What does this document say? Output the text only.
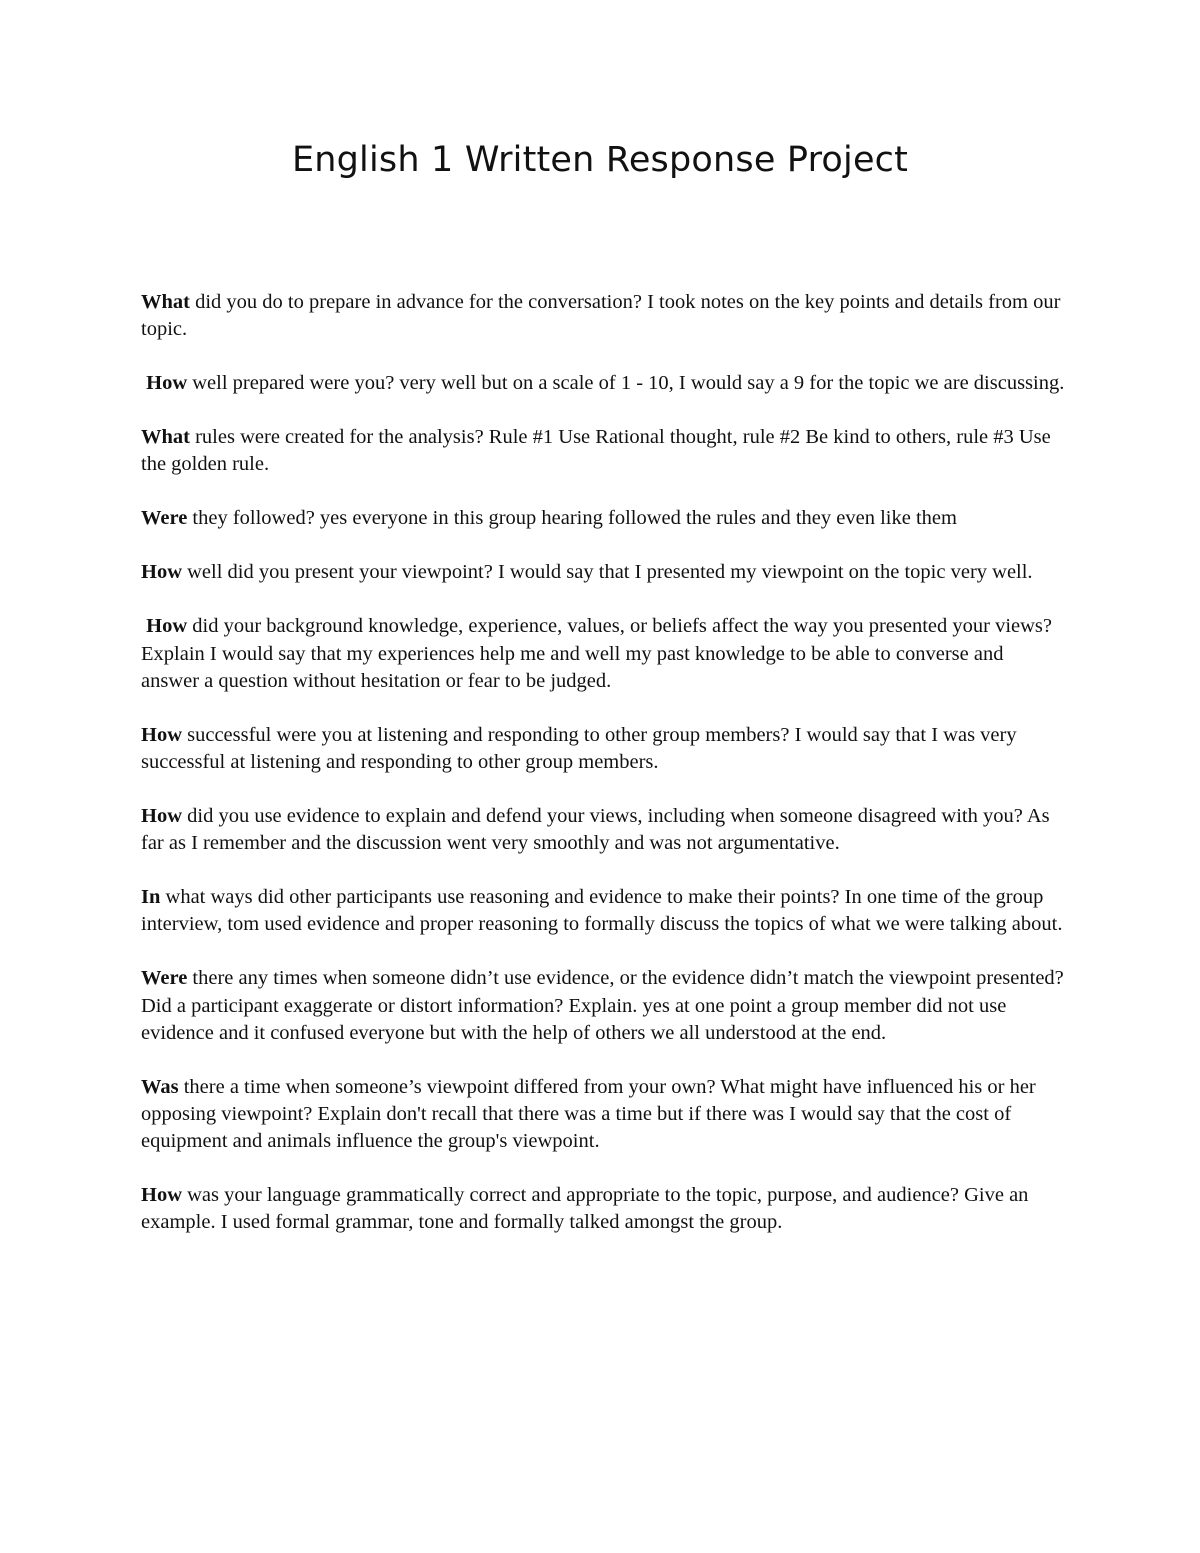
English 1 Written Response Project

What did you do to prepare in advance for the conversation? I took notes on the key points and details from our topic.

How well prepared were you? very well but on a scale of 1 - 10, I would say a 9 for the topic we are discussing.

What rules were created for the analysis? Rule #1 Use Rational thought, rule #2 Be kind to others, rule #3 Use the golden rule.

Were they followed? yes everyone in this group hearing followed the rules and they even like them

How well did you present your viewpoint? I would say that I presented my viewpoint on the topic very well.

How did your background knowledge, experience, values, or beliefs affect the way you presented your views? Explain I would say that my experiences help me and well my past knowledge to be able to converse and answer a question without hesitation or fear to be judged.

How successful were you at listening and responding to other group members? I would say that I was very successful at listening and responding to other group members.

How did you use evidence to explain and defend your views, including when someone disagreed with you? As far as I remember and the discussion went very smoothly and was not argumentative.

In what ways did other participants use reasoning and evidence to make their points? In one time of the group interview, tom used evidence and proper reasoning to formally discuss the topics of what we were talking about.

Were there any times when someone didn’t use evidence, or the evidence didn’t match the viewpoint presented? Did a participant exaggerate or distort information? Explain. yes at one point a group member did not use evidence and it confused everyone but with the help of others we all understood at the end.

Was there a time when someone’s viewpoint differed from your own? What might have influenced his or her opposing viewpoint? Explain don't recall that there was a time but if there was I would say that the cost of equipment and animals influence the group's viewpoint.

How was your language grammatically correct and appropriate to the topic, purpose, and audience? Give an example. I used formal grammar, tone and formally talked amongst the group.
